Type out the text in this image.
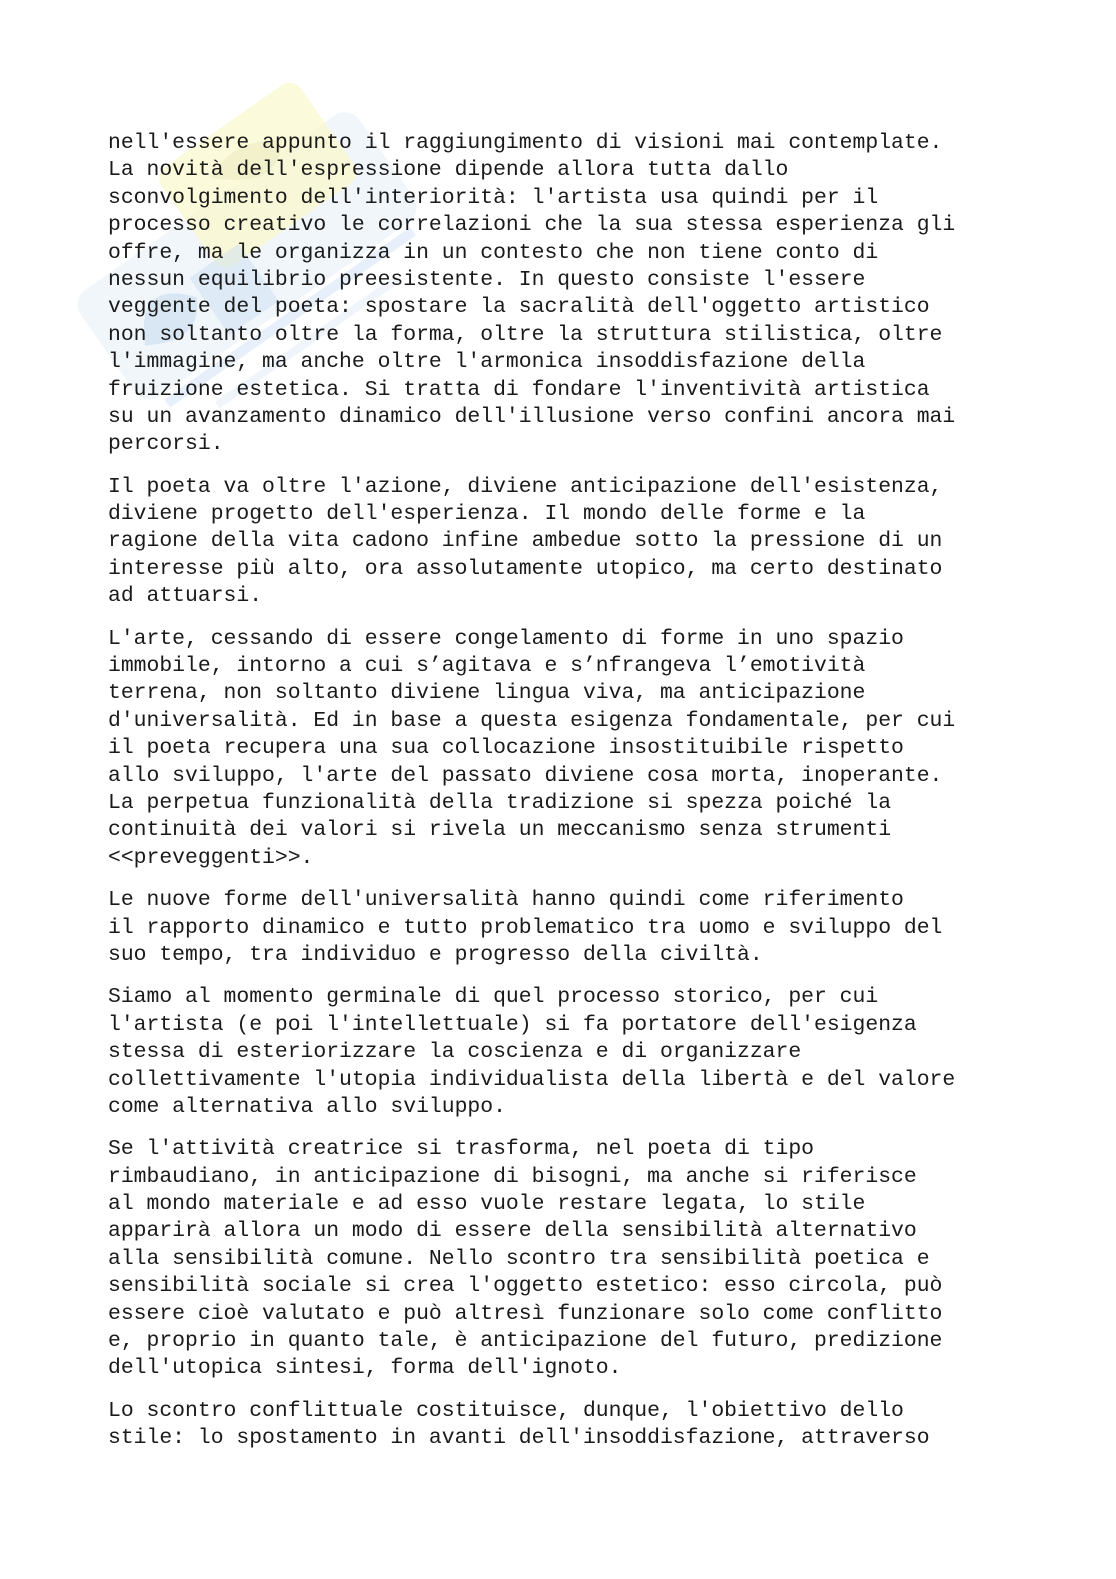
nell'essere appunto il raggiungimento di visioni mai contemplate.
La novità dell'espressione dipende allora tutta dallo
sconvolgimento dell'interiorità: l'artista usa quindi per il
processo creativo le correlazioni che la sua stessa esperienza gli
offre, ma le organizza in un contesto che non tiene conto di
nessun equilibrio preesistente. In questo consiste l'essere
veggente del poeta: spostare la sacralità dell'oggetto artistico
non soltanto oltre la forma, oltre la struttura stilistica, oltre
l'immagine, ma anche oltre l'armonica insoddisfazione della
fruizione estetica. Si tratta di fondare l'inventività artistica
su un avanzamento dinamico dell'illusione verso confini ancora mai
percorsi.
Il poeta va oltre l'azione, diviene anticipazione dell'esistenza,
diviene progetto dell'esperienza. Il mondo delle forme e la
ragione della vita cadono infine ambedue sotto la pressione di un
interesse più alto, ora assolutamente utopico, ma certo destinato
ad attuarsi.
L'arte, cessando di essere congelamento di forme in uno spazio
immobile, intorno a cui s’agitava e s’nfrangeva l’emotività
terrena, non soltanto diviene lingua viva, ma anticipazione
d'universalità. Ed in base a questa esigenza fondamentale, per cui
il poeta recupera una sua collocazione insostituibile rispetto
allo sviluppo, l'arte del passato diviene cosa morta, inoperante.
La perpetua funzionalità della tradizione si spezza poiché la
continuità dei valori si rivela un meccanismo senza strumenti
<<preveggenti>>.
Le nuove forme dell'universalità hanno quindi come riferimento
il rapporto dinamico e tutto problematico tra uomo e sviluppo del
suo tempo, tra individuo e progresso della civiltà.
Siamo al momento germinale di quel processo storico, per cui
l'artista (e poi l'intellettuale) si fa portatore dell'esigenza
stessa di esteriorizzare la coscienza e di organizzare
collettivamente l'utopia individualista della libertà e del valore
come alternativa allo sviluppo.
Se l'attività creatrice si trasforma, nel poeta di tipo
rimbaudiano, in anticipazione di bisogni, ma anche si riferisce
al mondo materiale e ad esso vuole restare legata, lo stile
apparirà allora un modo di essere della sensibilità alternativo
alla sensibilità comune. Nello scontro tra sensibilità poetica e
sensibilità sociale si crea l'oggetto estetico: esso circola, può
essere cioè valutato e può altresì funzionare solo come conflitto
e, proprio in quanto tale, è anticipazione del futuro, predizione
dell'utopica sintesi, forma dell'ignoto.
Lo scontro conflittuale costituisce, dunque, l'obiettivo dello
stile: lo spostamento in avanti dell'insoddisfazione, attraverso
